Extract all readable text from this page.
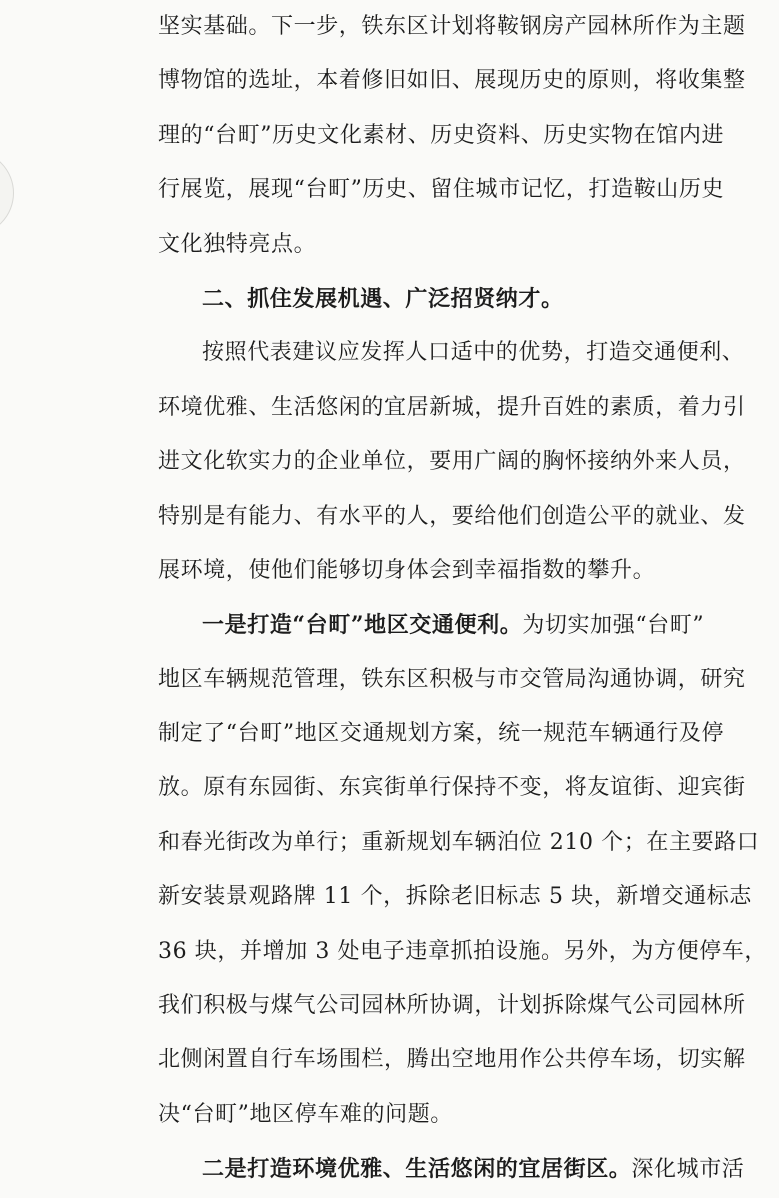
坚实基础。下一步，铁东区计划将鞍钢房产园林所作为主题
博物馆的选址，本着修旧如旧、展现历史的原则，将收集整
理的“台町”历史文化素材、历史资料、历史实物在馆内进
行展览，展现“台町”历史、留住城市记忆，打造鞍山历史
文化独特亮点。
二、抓住发展机遇、广泛招贤纳才。
按照代表建议应发挥人口适中的优势，打造交通便利、
环境优雅、生活悠闲的宜居新城，提升百姓的素质，着力引
进文化软实力的企业单位，要用广阔的胸怀接纳外来人员，
特别是有能力、有水平的人，要给他们创造公平的就业、发
展环境，使他们能够切身体会到幸福指数的攀升。
一是打造“台町”地区交通便利。为切实加强“台町”
地区车辆规范管理，铁东区积极与市交管局沟通协调，研究
制定了“台町”地区交通规划方案，统一规范车辆通行及停
放。原有东园街、东宾街单行保持不变，将友谊街、迎宾街
和春光街改为单行；重新规划车辆泊位 210 个；在主要路口
新安装景观路牌 11 个，拆除老旧标志 5 块，新增交通标志
36 块，并增加 3 处电子违章抓拍设施。另外，为方便停车，
我们积极与煤气公司园林所协调，计划拆除煤气公司园林所
北侧闲置自行车场围栏，腾出空地用作公共停车场，切实解
决“台町”地区停车难的问题。
二是打造环境优雅、生活悠闲的宜居街区。深化城市活
